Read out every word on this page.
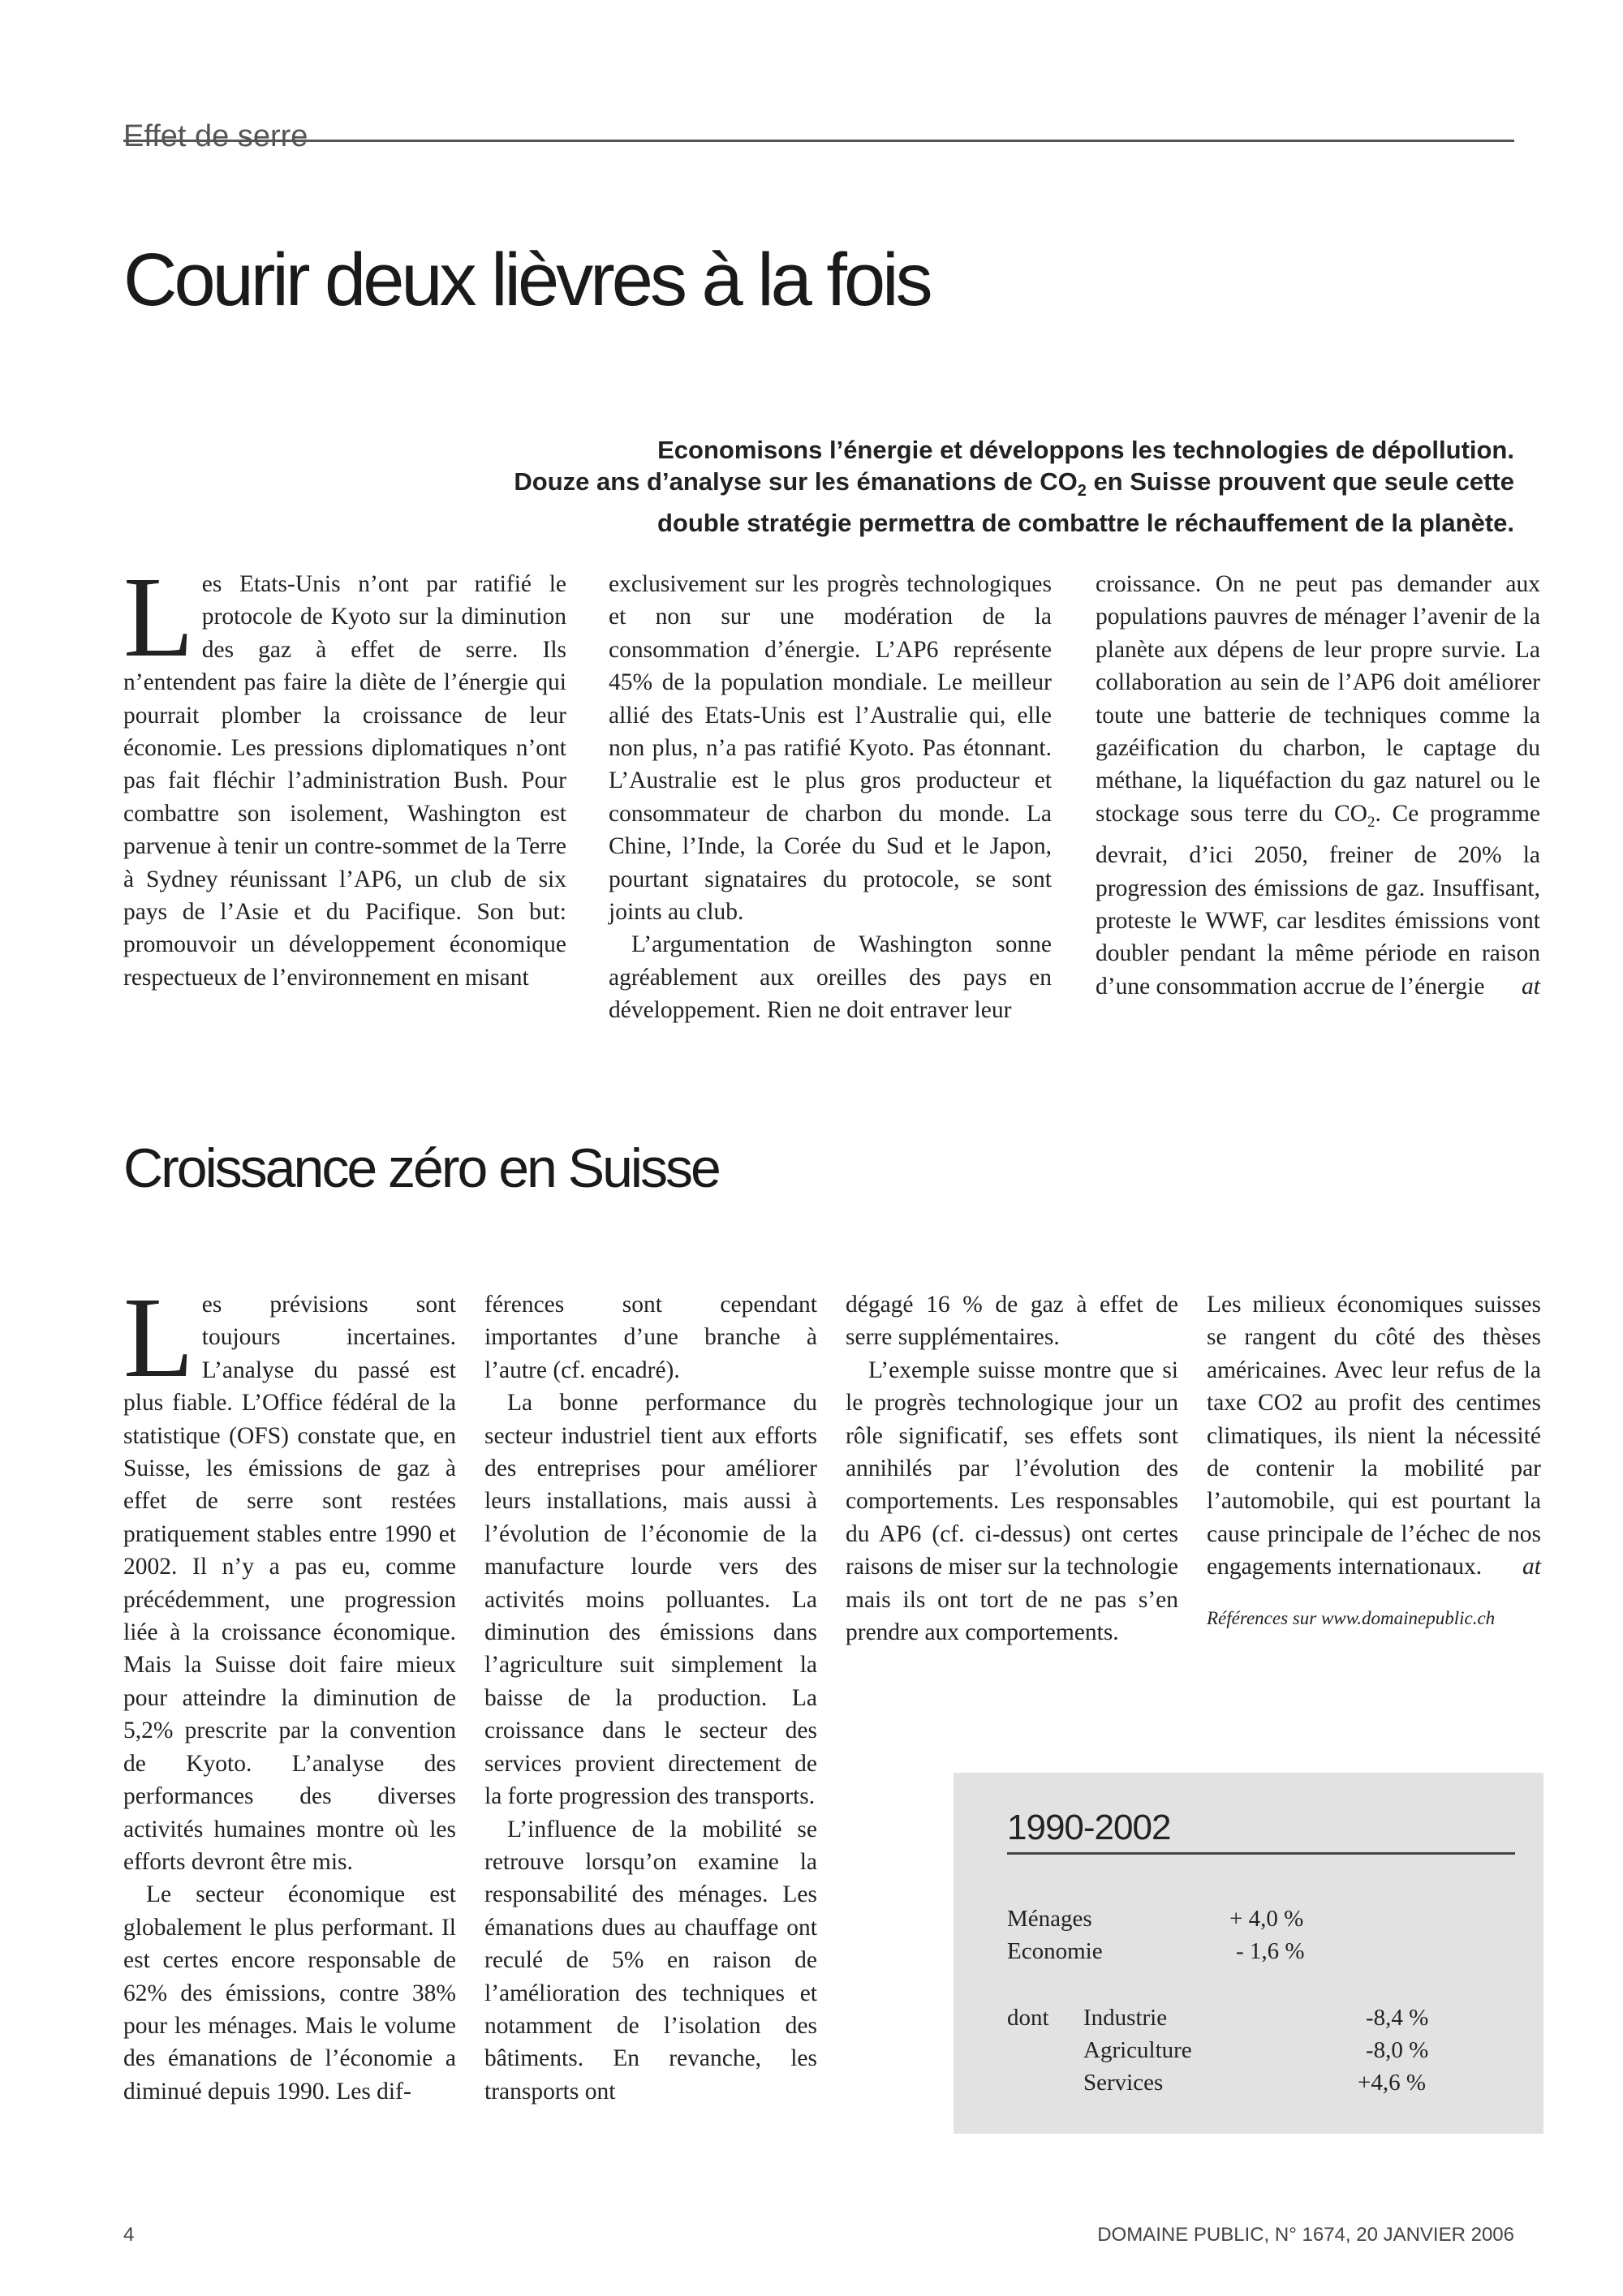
Effet de serre
Courir deux lièvres à la fois
Economisons l’énergie et développons les technologies de dépollution.
Douze ans d’analyse sur les émanations de $CO_2$ en Suisse prouvent que seule cette
double stratégie permettra de combattre le réchauffement de la planète.

Les Etats-Unis n’ont par ratifié le protocole de Kyoto sur la diminution des gaz à effet de serre. Ils n’entendent pas faire la diète de l’énergie qui pourrait plomber la croissance de leur économie. Les pressions diplomatiques n’ont pas fait fléchir l’administration Bush. Pour combattre son isolement, Washington est parvenue à tenir un contre-sommet de la Terre à Sydney réunissant l’AP6, un club de six pays de l’Asie et du Pacifique. Son but: promouvoir un développement économique respectueux de l’environnement en misant

exclusivement sur les progrès technologiques et non sur une modération de la consommation d’énergie. L’AP6 représente 45% de la population mondiale. Le meilleur allié des Etats-Unis est l’Australie qui, elle non plus, n’a pas ratifié Kyoto. Pas étonnant. L’Australie est le plus gros producteur et consommateur de charbon du monde. La Chine, l’Inde, la Corée du Sud et le Japon, pourtant signataires du protocole, se sont joints au club.

L’argumentation de Washington sonne agréablement aux oreilles des pays en développement. Rien ne doit entraver leur

croissance. On ne peut pas demander aux populations pauvres de ménager l’avenir de la planète aux dépens de leur propre survie. La collaboration au sein de l’AP6 doit améliorer toute une batterie de techniques comme la gazéification du charbon, le captage du méthane, la liquéfaction du gaz naturel ou le stockage sous terre du $CO_2$. Ce programme devrait, d’ici 2050, freiner de 20% la progression des émissions de gaz. Insuffisant, proteste le WWF, car lesdites émissions vont doubler pendant la même période en raison d’une consommation accrue de l’énergie at

Croissance zéro en Suisse

Les prévisions sont toujours incertaines. L’analyse du passé est plus fiable. L’Office fédéral de la statistique (OFS) constate que, en Suisse, les émissions de gaz à effet de serre sont restées pratiquement stables entre 1990 et 2002. Il n’y a pas eu, comme précédemment, une progression liée à la croissance économique. Mais la Suisse doit faire mieux pour atteindre la diminution de 5,2% prescrite par la convention de Kyoto. L’analyse des performances des diverses activités humaines montre où les efforts devront être mis.

Le secteur économique est globalement le plus performant. Il est certes encore responsable de 62% des émissions, contre 38% pour les ménages. Mais le volume des émanations de l’économie a diminué depuis 1990. Les dif-

férences sont cependant importantes d’une branche à l’autre (cf. encadré).

La bonne performance du secteur industriel tient aux efforts des entreprises pour améliorer leurs installations, mais aussi à l’évolution de l’économie de la manufacture lourde vers des activités moins polluantes. La diminution des émissions dans l’agriculture suit simplement la baisse de la production. La croissance dans le secteur des services provient directement de la forte progression des transports.

L’influence de la mobilité se retrouve lorsqu’on examine la responsabilité des ménages. Les émanations dues au chauffage ont reculé de 5% en raison de l’amélioration des techniques et notamment de l’isolation des bâtiments. En revanche, les transports ont

dégagé 16 % de gaz à effet de serre supplémentaires.

L’exemple suisse montre que si le progrès technologique jour un rôle significatif, ses effets sont annihilés par l’évolution des comportements. Les responsables du AP6 (cf. ci-dessus) ont certes raisons de miser sur la technologie mais ils ont tort de ne pas s’en prendre aux comportements.

Les milieux économiques suisses se rangent du côté des thèses américaines. Avec leur refus de la taxe CO2 au profit des centimes climatiques, ils nient la nécessité de contenir la mobilité par l’automobile, qui est pourtant la cause principale de l’échec de nos engagements internationaux. at

Références sur www.domainepublic.ch

1990-2002
Ménages	+ 4,0 %
Economie	- 1,6 %
dont Industrie	-8,4 %
Agriculture	-8,0 %
Services	+4,6 %
4	DOMAINE PUBLIC, N° 1674, 20 JANVIER 2006
